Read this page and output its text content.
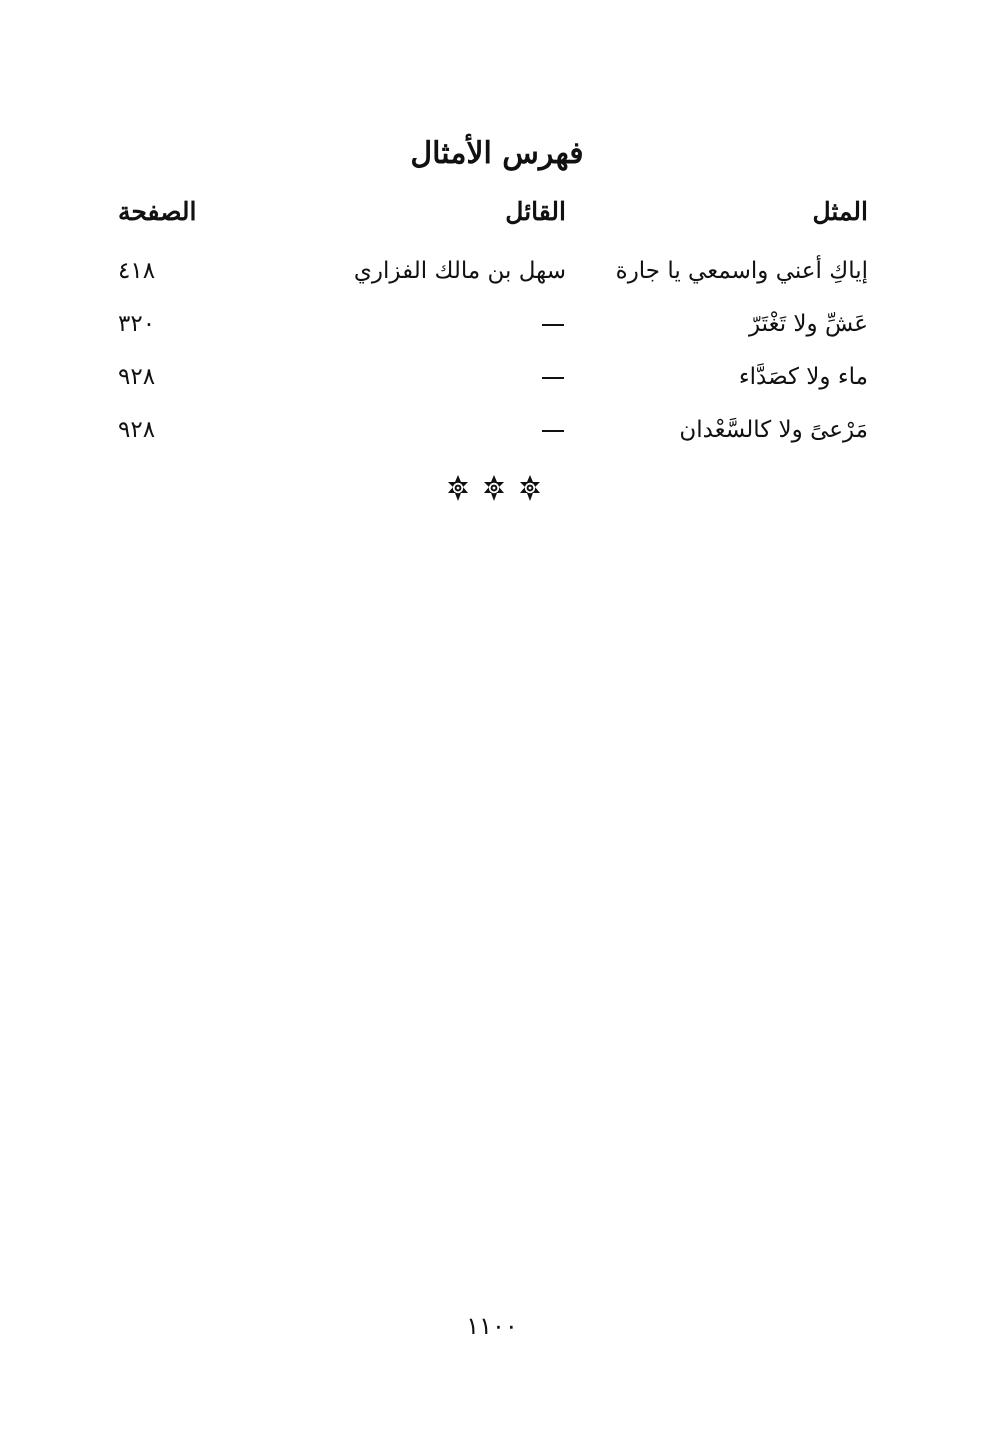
فهرس الأمثال
المثل
القائل
الصفحة
إياكِ أعني واسمعي يا جارة
سهل بن مالك الفزاري
٤١٨
عَشِّ ولا تَغْتَرّ
٣٢٠
ماء ولا كصَدَّاء
٩٢٨
مَرْعىً ولا كالسَّعْدان
٩٢٨
١١٠٠
